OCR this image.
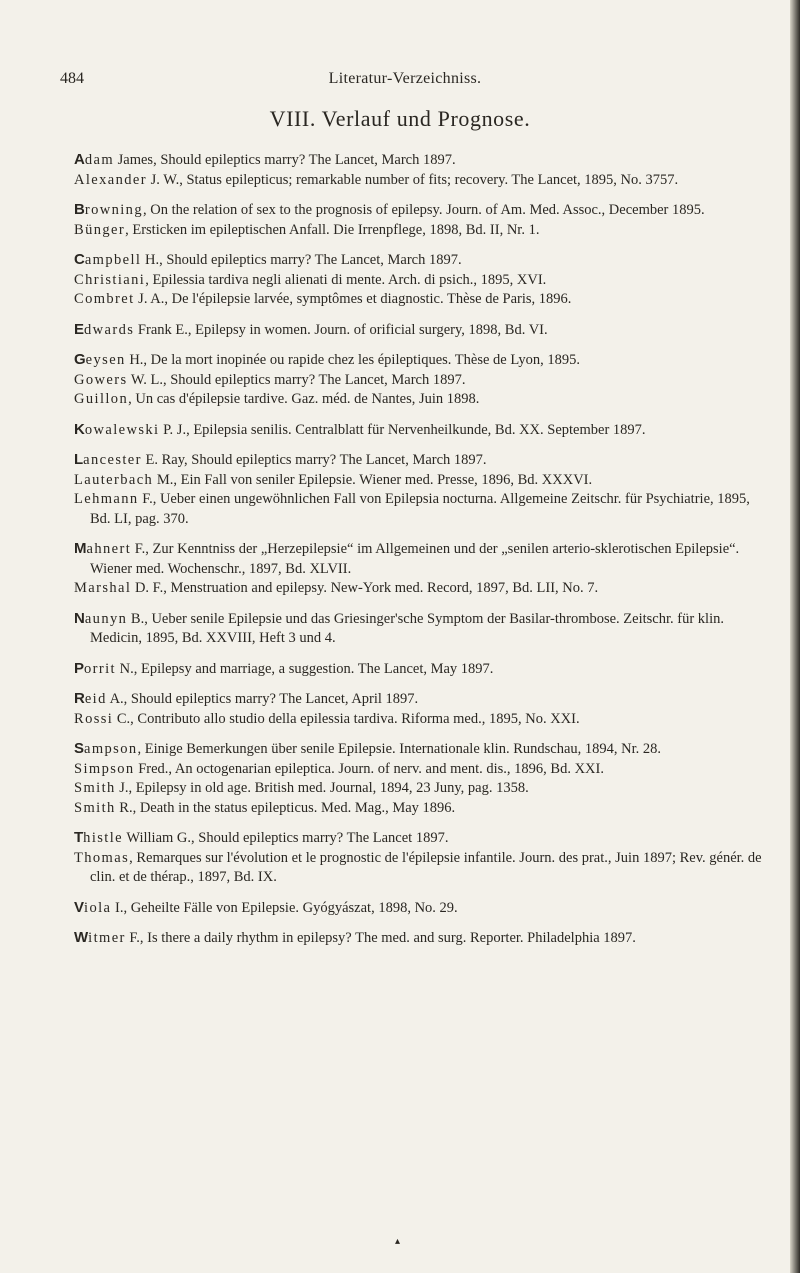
484	Literatur-Verzeichniss.
VIII. Verlauf und Prognose.
Adam James, Should epileptics marry? The Lancet, March 1897.
Alexander J. W., Status epilepticus; remarkable number of fits; recovery. The Lancet, 1895, No. 3757.
Browning, On the relation of sex to the prognosis of epilepsy. Journ. of Am. Med. Assoc., December 1895.
Bünger, Ersticken im epileptischen Anfall. Die Irrenpflege, 1898, Bd. II, Nr. 1.
Campbell H., Should epileptics marry? The Lancet, March 1897.
Christiani, Epilessia tardiva negli alienati di mente. Arch. di psich., 1895, XVI.
Combret J. A., De l'épilepsie larvée, symptômes et diagnostic. Thèse de Paris, 1896.
Edwards Frank E., Epilepsy in women. Journ. of orificial surgery, 1898, Bd. VI.
Geysen H., De la mort inopinée ou rapide chez les épileptiques. Thèse de Lyon, 1895.
Gowers W. L., Should epileptics marry? The Lancet, March 1897.
Guillon, Un cas d'épilepsie tardive. Gaz. méd. de Nantes, Juin 1898.
Kowalewski P. J., Epilepsia senilis. Centralblatt für Nervenheilkunde, Bd. XX. September 1897.
Lancester E. Ray, Should epileptics marry? The Lancet, March 1897.
Lauterbach M., Ein Fall von seniler Epilepsie. Wiener med. Presse, 1896, Bd. XXXVI.
Lehmann F., Ueber einen ungewöhnlichen Fall von Epilepsia nocturna. Allgemeine Zeitschr. für Psychiatrie, 1895, Bd. LI, pag. 370.
Mahnert F., Zur Kenntniss der „Herzepilepsie“ im Allgemeinen und der „senilen arterio-sklerotischen Epilepsie“. Wiener med. Wochenschr., 1897, Bd. XLVII.
Marshal D. F., Menstruation and epilepsy. New-York med. Record, 1897, Bd. LII, No. 7.
Naunyn B., Ueber senile Epilepsie und das Griesinger'sche Symptom der Basilar-thrombose. Zeitschr. für klin. Medicin, 1895, Bd. XXVIII, Heft 3 und 4.
Porrit N., Epilepsy and marriage, a suggestion. The Lancet, May 1897.
Reid A., Should epileptics marry? The Lancet, April 1897.
Rossi C., Contributo allo studio della epilessia tardiva. Riforma med., 1895, No. XXI.
Sampson, Einige Bemerkungen über senile Epilepsie. Internationale klin. Rundschau, 1894, Nr. 28.
Simpson Fred., An octogenarian epileptica. Journ. of nerv. and ment. dis., 1896, Bd. XXI.
Smith J., Epilepsy in old age. British med. Journal, 1894, 23 Juny, pag. 1358.
Smith R., Death in the status epilepticus. Med. Mag., May 1896.
Thistle William G., Should epileptics marry? The Lancet 1897.
Thomas, Remarques sur l'évolution et le prognostic de l'épilepsie infantile. Journ. des prat., Juin 1897; Rev. génér. de clin. et de thérap., 1897, Bd. IX.
Viola I., Geheilte Fälle von Epilepsie. Gyógyászat, 1898, No. 29.
Witmer F., Is there a daily rhythm in epilepsy? The med. and surg. Reporter. Philadelphia 1897.
▴
